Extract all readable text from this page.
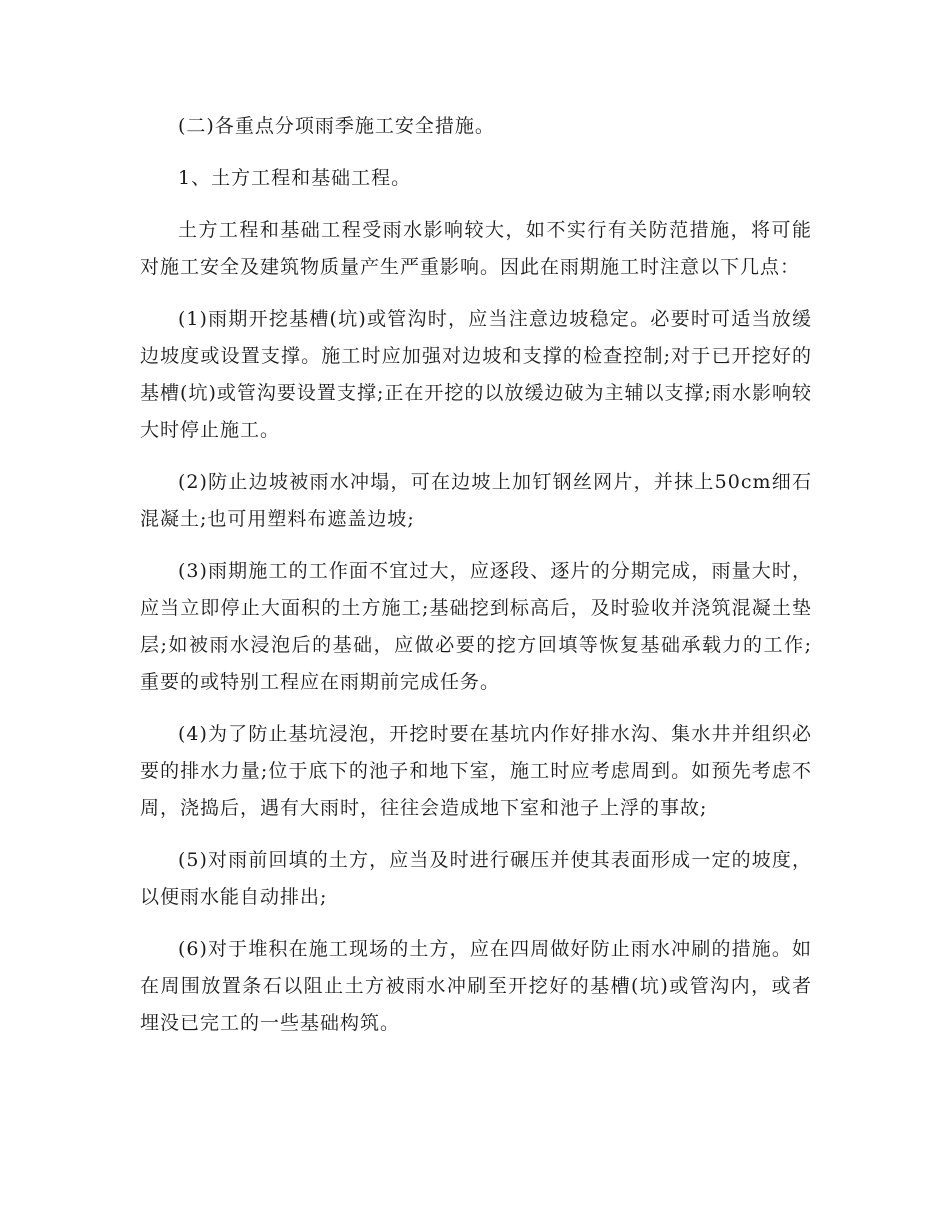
(二)各重点分项雨季施工安全措施。

1、土方工程和基础工程。

土方工程和基础工程受雨水影响较大，如不实行有关防范措施，将可能对施工安全及建筑物质量产生严重影响。因此在雨期施工时注意以下几点：

(1)雨期开挖基槽(坑)或管沟时，应当注意边坡稳定。必要时可适当放缓边坡度或设置支撑。施工时应加强对边坡和支撑的检查控制;对于已开挖好的基槽(坑)或管沟要设置支撑;正在开挖的以放缓边破为主辅以支撑;雨水影响较大时停止施工。

(2)防止边坡被雨水冲塌，可在边坡上加钉钢丝网片，并抹上50cm细石混凝土;也可用塑料布遮盖边坡;

(3)雨期施工的工作面不宜过大，应逐段、逐片的分期完成，雨量大时，应当立即停止大面积的土方施工;基础挖到标高后，及时验收并浇筑混凝土垫层;如被雨水浸泡后的基础，应做必要的挖方回填等恢复基础承载力的工作;重要的或特别工程应在雨期前完成任务。

(4)为了防止基坑浸泡，开挖时要在基坑内作好排水沟、集水井并组织必要的排水力量;位于底下的池子和地下室，施工时应考虑周到。如预先考虑不周，浇捣后，遇有大雨时，往往会造成地下室和池子上浮的事故;

(5)对雨前回填的土方，应当及时进行碾压并使其表面形成一定的坡度，以便雨水能自动排出;

(6)对于堆积在施工现场的土方，应在四周做好防止雨水冲刷的措施。如在周围放置条石以阻止土方被雨水冲刷至开挖好的基槽(坑)或管沟内，或者埋没已完工的一些基础构筑。
